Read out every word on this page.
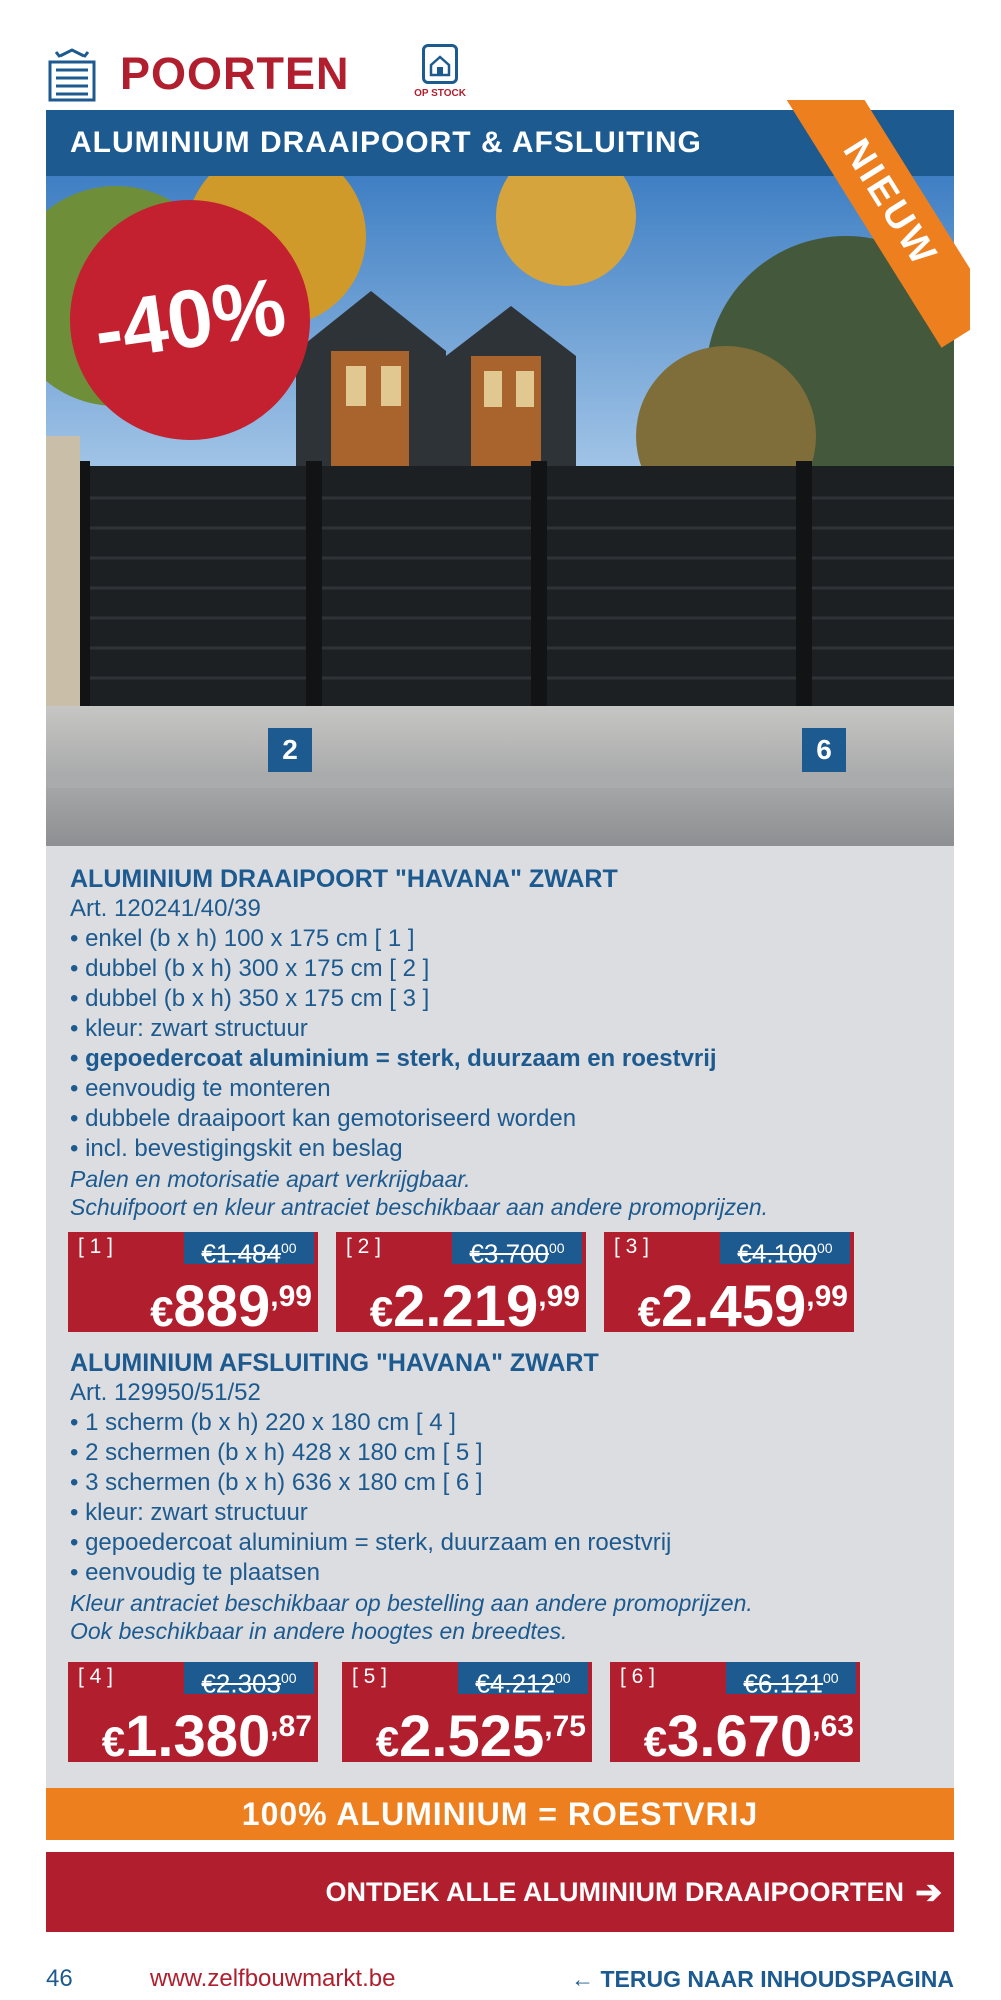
POORTEN	OP STOCK
ALUMINIUM DRAAIPOORT & AFSLUITING
2	6
-40%
NIEUW
ALUMINIUM DRAAIPOORT "HAVANA" ZWART
Art. 120241/40/39
• enkel (b x h) 100 x 175 cm [ 1 ]
• dubbel (b x h) 300 x 175 cm [ 2 ]
• dubbel (b x h) 350 x 175 cm [ 3 ]
• kleur: zwart structuur
• gepoedercoat aluminium = sterk, duurzaam en roestvrij
• eenvoudig te monteren
• dubbele draaipoort kan gemotoriseerd worden
• incl. bevestigingskit en beslag
Palen en motorisatie apart verkrijgbaar.
Schuifpoort en kleur antraciet beschikbaar aan andere promoprijzen.
[ 1 ]	€1.484$^{00}$
$€889^{,99}$
[ 2 ]	€3.700$^{00}$
$€2.219^{,99}$
[ 3 ]	€4.100$^{00}$
$€2.459^{,99}$
ALUMINIUM AFSLUITING "HAVANA" ZWART
Art. 129950/51/52
• 1 scherm (b x h) 220 x 180 cm [ 4 ]
• 2 schermen (b x h) 428 x 180 cm [ 5 ]
• 3 schermen (b x h) 636 x 180 cm [ 6 ]
• kleur: zwart structuur
• gepoedercoat aluminium = sterk, duurzaam en roestvrij
• eenvoudig te plaatsen
Kleur antraciet beschikbaar op bestelling aan andere promoprijzen.
Ook beschikbaar in andere hoogtes en breedtes.
[ 4 ]	€2.303$^{00}$
$€1.380^{,87}$
[ 5 ]	€4.212$^{00}$
$€2.525^{,75}$
[ 6 ]	€6.121$^{00}$
$€3.670^{,63}$
100% ALUMINIUM = ROESTVRIJ
ONTDEK ALLE ALUMINIUM DRAAIPOORTEN ➔
46	www.zelfbouwmarkt.be	← TERUG NAAR INHOUDSPAGINA
